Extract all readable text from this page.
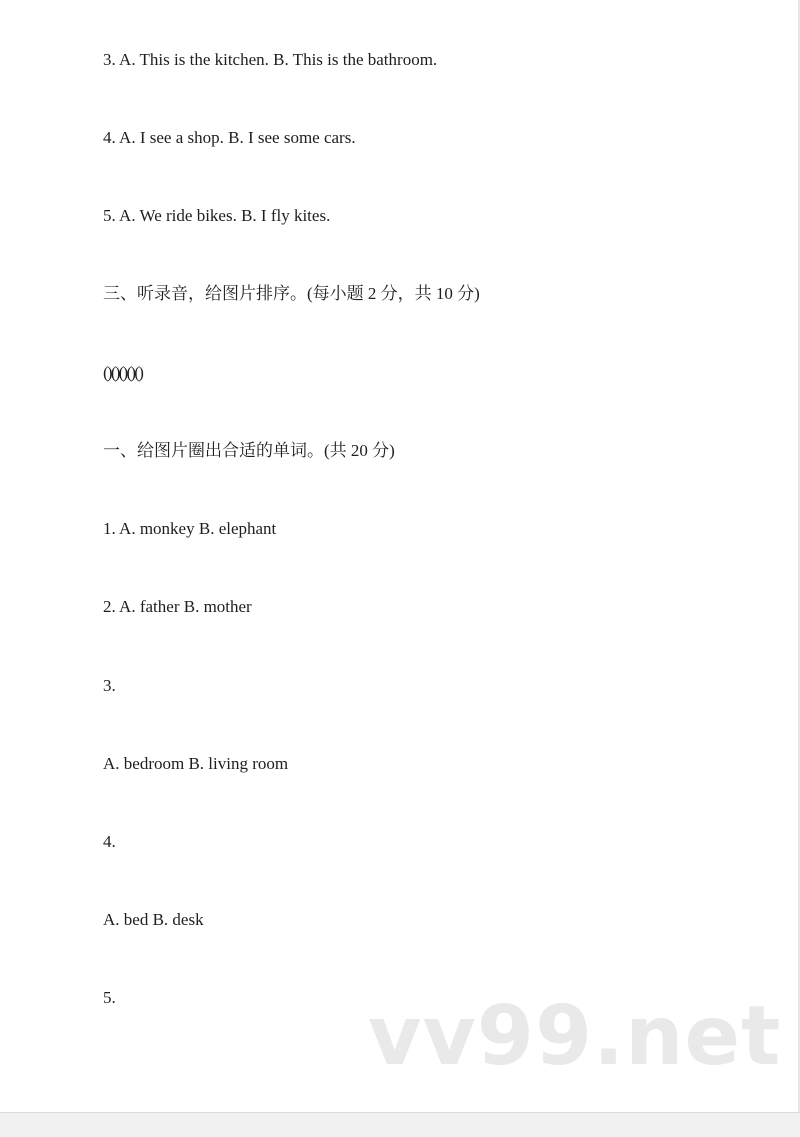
3. A. This is the kitchen. B. This is the bathroom.
4. A. I see a shop. B. I see some cars.
5. A. We ride bikes. B. I fly kites.
三、听录音，给图片排序。(每小题 2 分，共 10 分)
( ) ( ) ( ) ( ) ( )
一、给图片圈出合适的单词。(共 20 分)
1. A. monkey B. elephant
2. A. father B. mother
3.
A. bedroom B. living room
4.
A. bed B. desk
5.	vv99.net
